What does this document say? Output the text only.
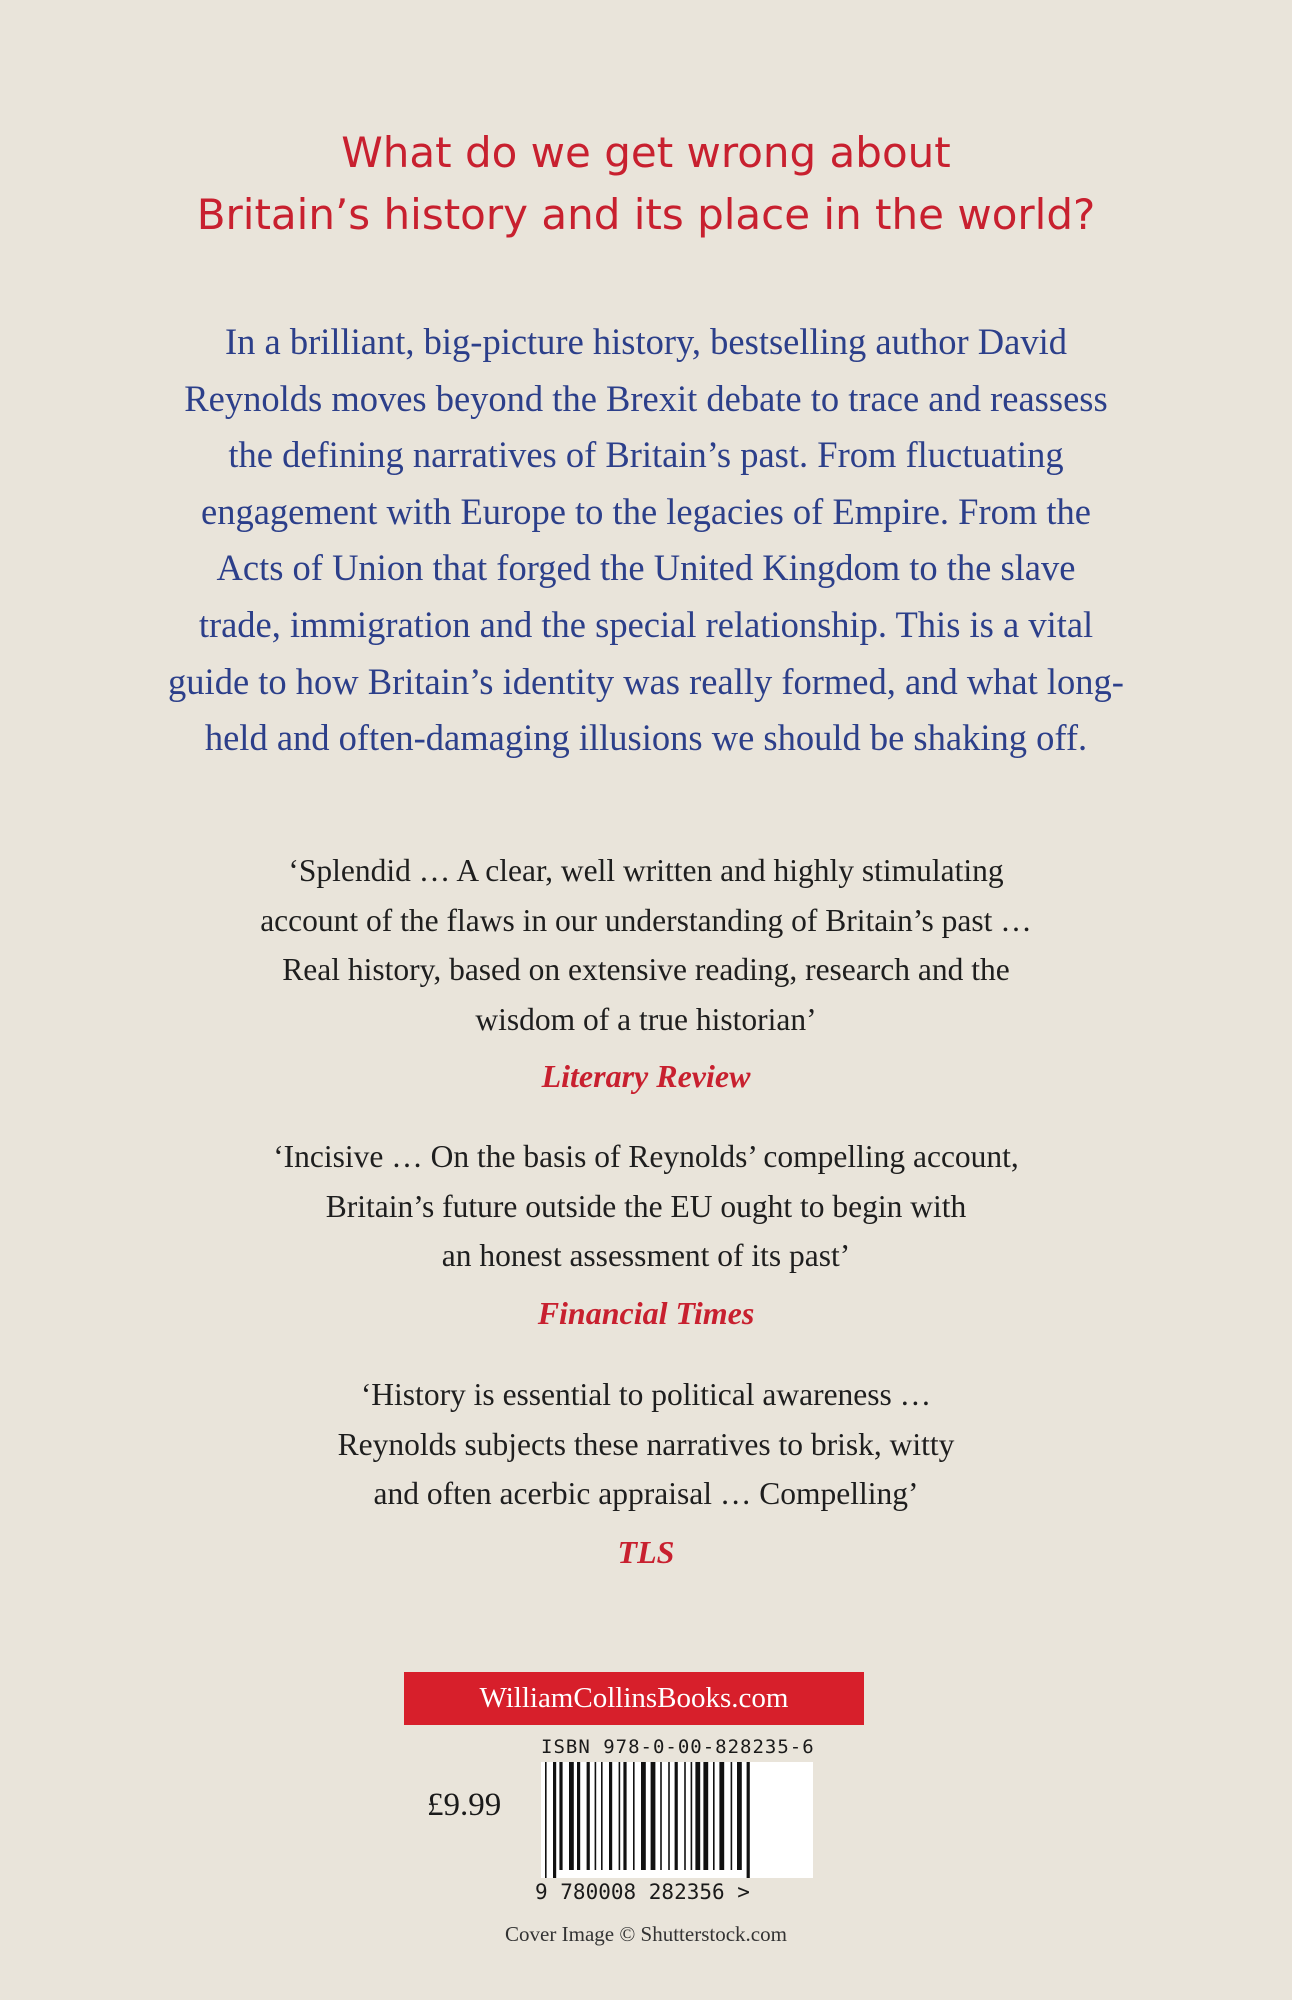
What do we get wrong about
Britain’s history and its place in the world?
In a brilliant, big-picture history, bestselling author David
Reynolds moves beyond the Brexit debate to trace and reassess
the defining narratives of Britain’s past. From fluctuating
engagement with Europe to the legacies of Empire. From the
Acts of Union that forged the United Kingdom to the slave
trade, immigration and the special relationship. This is a vital
guide to how Britain’s identity was really formed, and what long-
held and often-damaging illusions we should be shaking off.
‘Splendid … A clear, well written and highly stimulating
account of the flaws in our understanding of Britain’s past …
Real history, based on extensive reading, research and the
wisdom of a true historian’
Literary Review
‘Incisive … On the basis of Reynolds’ compelling account,
Britain’s future outside the EU ought to begin with
an honest assessment of its past’
Financial Times
‘History is essential to political awareness …
Reynolds subjects these narratives to brisk, witty
and often acerbic appraisal … Compelling’
TLS
WilliamCollinsBooks.com
ISBN 978-0-00-828235-6
£9.99
9 780008 282356 >
Cover Image © Shutterstock.com
